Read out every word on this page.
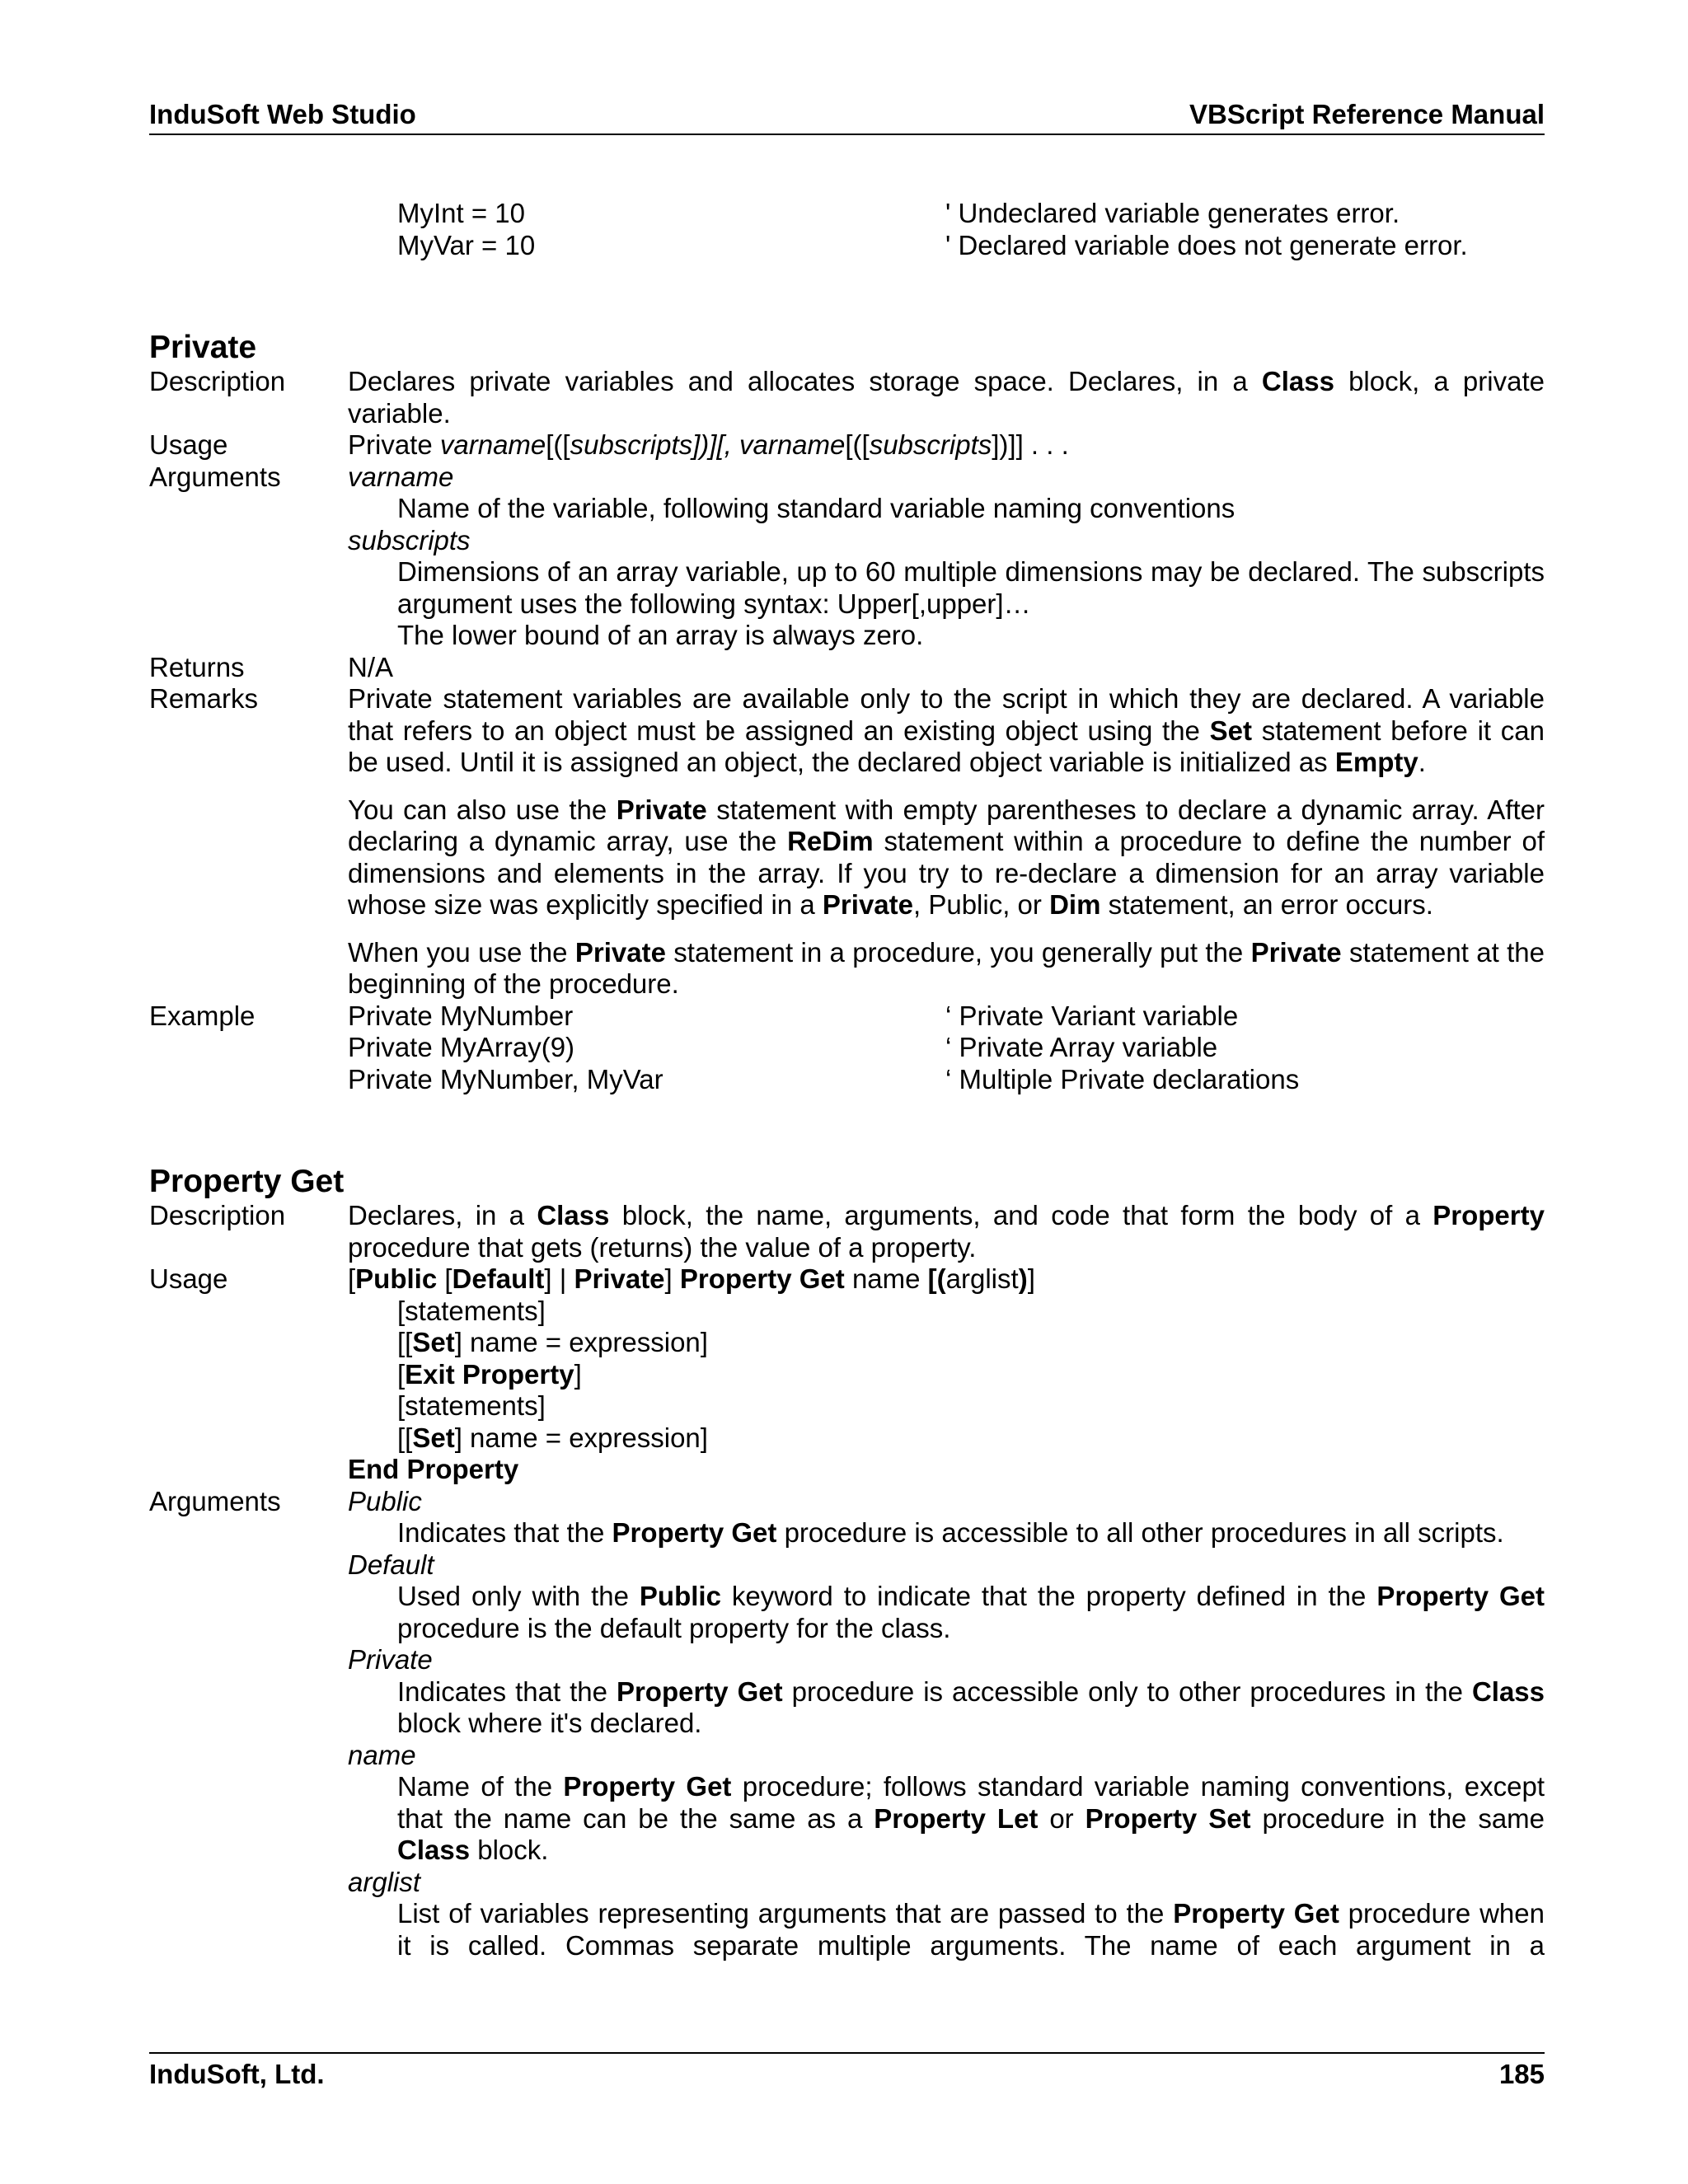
InduSoft Web Studio	VBScript Reference Manual
MyInt = 10	' Undeclared variable generates error.
MyVar = 10	' Declared variable does not generate error.
Private
Description	Declares private variables and allocates storage space. Declares, in a Class block, a private variable.
Usage	Private varname[([subscripts])][, varname[([subscripts])]] . . .
Arguments	varname
Name of the variable, following standard variable naming conventions
subscripts
Dimensions of an array variable, up to 60 multiple dimensions may be declared. The subscripts argument uses the following syntax: Upper[,upper]…
The lower bound of an array is always zero.
Returns	N/A
Remarks	Private statement variables are available only to the script in which they are declared. A variable that refers to an object must be assigned an existing object using the Set statement before it can be used. Until it is assigned an object, the declared object variable is initialized as Empty.
You can also use the Private statement with empty parentheses to declare a dynamic array. After declaring a dynamic array, use the ReDim statement within a procedure to define the number of dimensions and elements in the array. If you try to re-declare a dimension for an array variable whose size was explicitly specified in a Private, Public, or Dim statement, an error occurs.
When you use the Private statement in a procedure, you generally put the Private statement at the beginning of the procedure.
Example	Private MyNumber	‘ Private Variant variable
Private MyArray(9)	‘ Private Array variable
Private MyNumber, MyVar	‘ Multiple Private declarations
Property Get
Description	Declares, in a Class block, the name, arguments, and code that form the body of a Property procedure that gets (returns) the value of a property.
Usage	[Public [Default] | Private] Property Get name [(arglist)]
[statements]
[[Set] name = expression]
[Exit Property]
[statements]
[[Set] name = expression]
End Property
Arguments	Public
Indicates that the Property Get procedure is accessible to all other procedures in all scripts.
Default
Used only with the Public keyword to indicate that the property defined in the Property Get procedure is the default property for the class.
Private
Indicates that the Property Get procedure is accessible only to other procedures in the Class block where it's declared.
name
Name of the Property Get procedure; follows standard variable naming conventions, except that the name can be the same as a Property Let or Property Set procedure in the same Class block.
arglist
List of variables representing arguments that are passed to the Property Get procedure when it is called. Commas separate multiple arguments. The name of each argument in a
InduSoft, Ltd.	185
